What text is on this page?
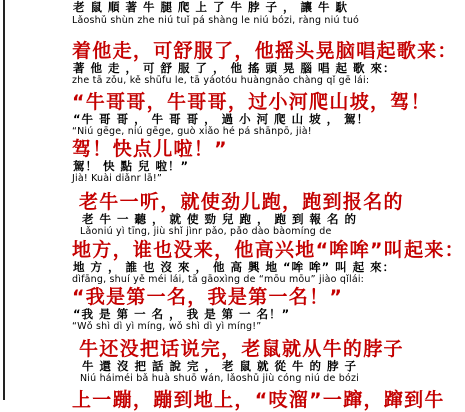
老 鼠 順 著 牛 腿 爬 上 了 牛 脖 子 ， 讓 牛 馱
Lǎoshǔ shùn zhe niú tuǐ pá shàng le niú bózi, ràng niú tuó
着他走，可舒服了，他摇头晃脑唱起歌来：
著 他 走 ， 可 舒 服 了 ， 他 搖 頭 晃 腦 唱 起 歌 來：
zhe tā zǒu, kě shūfu le, tā yáotóu huàngnǎo chàng qǐ gē lái:
“牛哥哥，牛哥哥，过小河爬山坡，驾！
“牛 哥 哥 ， 牛 哥 哥 ， 過 小 河 爬 山 坡 ， 駕！
“Niú gēge, niú gēge, guò xiǎo hé pá shānpō, jià!
驾！快点儿啦！”
駕！ 快 點 兒 啦！”
Jià! Kuài diǎnr lā!”
老牛一听，就使劲儿跑，跑到报名的
老 牛 一 聽 ， 就 使 勁 兒 跑 ， 跑 到 報 名 的
Lǎoniú yì tīng, jiù shǐ jìnr pǎo, pǎo dào bàomíng de
地方，谁也没来，他高兴地“哞哞”叫起来：
地 方 ， 誰 也 沒 來 ， 他 高 興 地 “哞 哞” 叫 起 來：
dìfāng, shuí yě méi lái, tā gāoxìng de “mōu mōu” jiào qǐlái:
“我是第一名，我是第一名！”
“我 是 第 一 名 ， 我 是 第 一 名！”
“Wǒ shì dì yì míng, wǒ shì dì yì míng!”
牛还没把话说完，老鼠就从牛的脖子
牛 還 沒 把 話 說 完 ， 老 鼠 就 從 牛 的 脖 子
Niú háiméi bǎ huà shuō wán, lǎoshǔ jiù cóng niú de bózi
上一蹦，蹦到地上，“吱溜”一蹿，蹿到牛
